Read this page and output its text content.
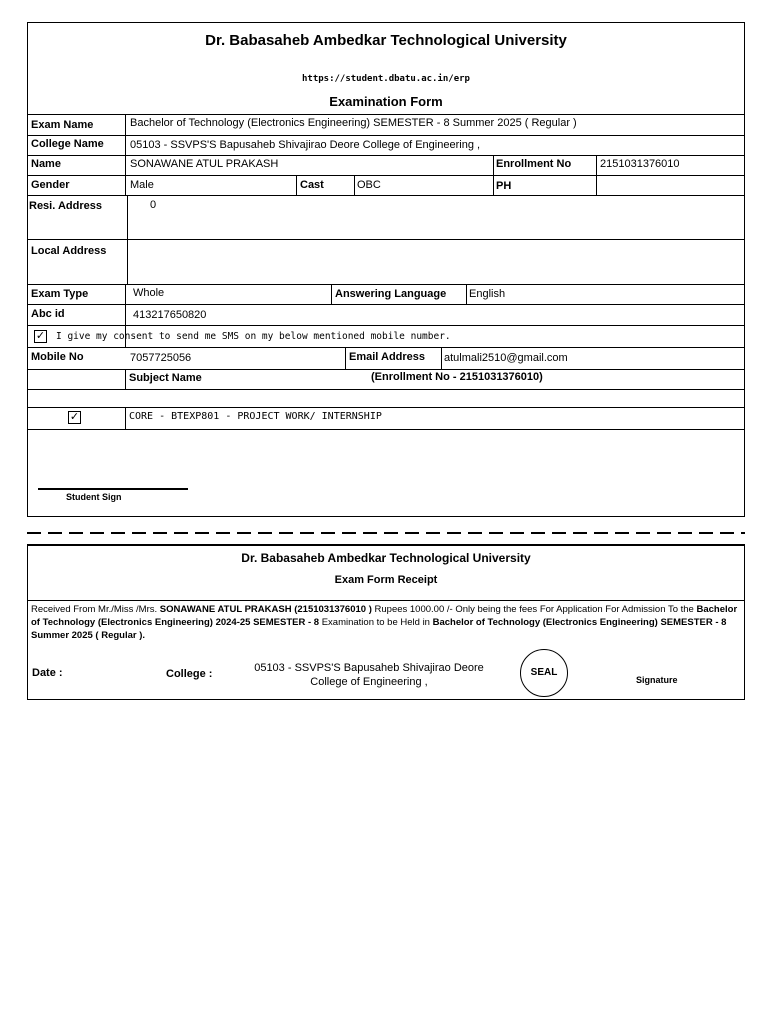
Dr. Babasaheb Ambedkar Technological University
https://student.dbatu.ac.in/erp
Examination Form
Exam Name	Bachelor of Technology (Electronics Engineering) SEMESTER - 8 Summer 2025 ( Regular )
College Name 05103 - SSVPS'S Bapusaheb Shivajirao Deore College of Engineering ,
Name	SONAWANE ATUL PRAKASH	Enrollment No	2151031376010
Gender	Male	Cast	OBC	PH
Resi. Address	0
Local Address
Exam Type	Whole	Answering Language English
Abc id	413217650820
✓ I give my consent to send me SMS on my below mentioned mobile number.
Mobile No	7057725056	Email Address atulmali2510@gmail.com
Subject Name	(Enrollment No - 2151031376010)
✓	CORE - BTEXP801 - PROJECT WORK/ INTERNSHIP
Student Sign
Dr. Babasaheb Ambedkar Technological University
Exam Form Receipt
Received From Mr./Miss /Mrs. SONAWANE ATUL PRAKASH (2151031376010 ) Rupees 1000.00 /- Only being the fees For Application For Admission To the Bachelor of Technology (Electronics Engineering) 2024-25 SEMESTER - 8 Examination to be Held in Bachelor of Technology (Electronics Engineering) SEMESTER - 8 Summer 2025 ( Regular ).
Date :	College :	05103 - SSVPS'S Bapusaheb Shivajirao Deore
College of Engineering ,
SEAL
Signature
